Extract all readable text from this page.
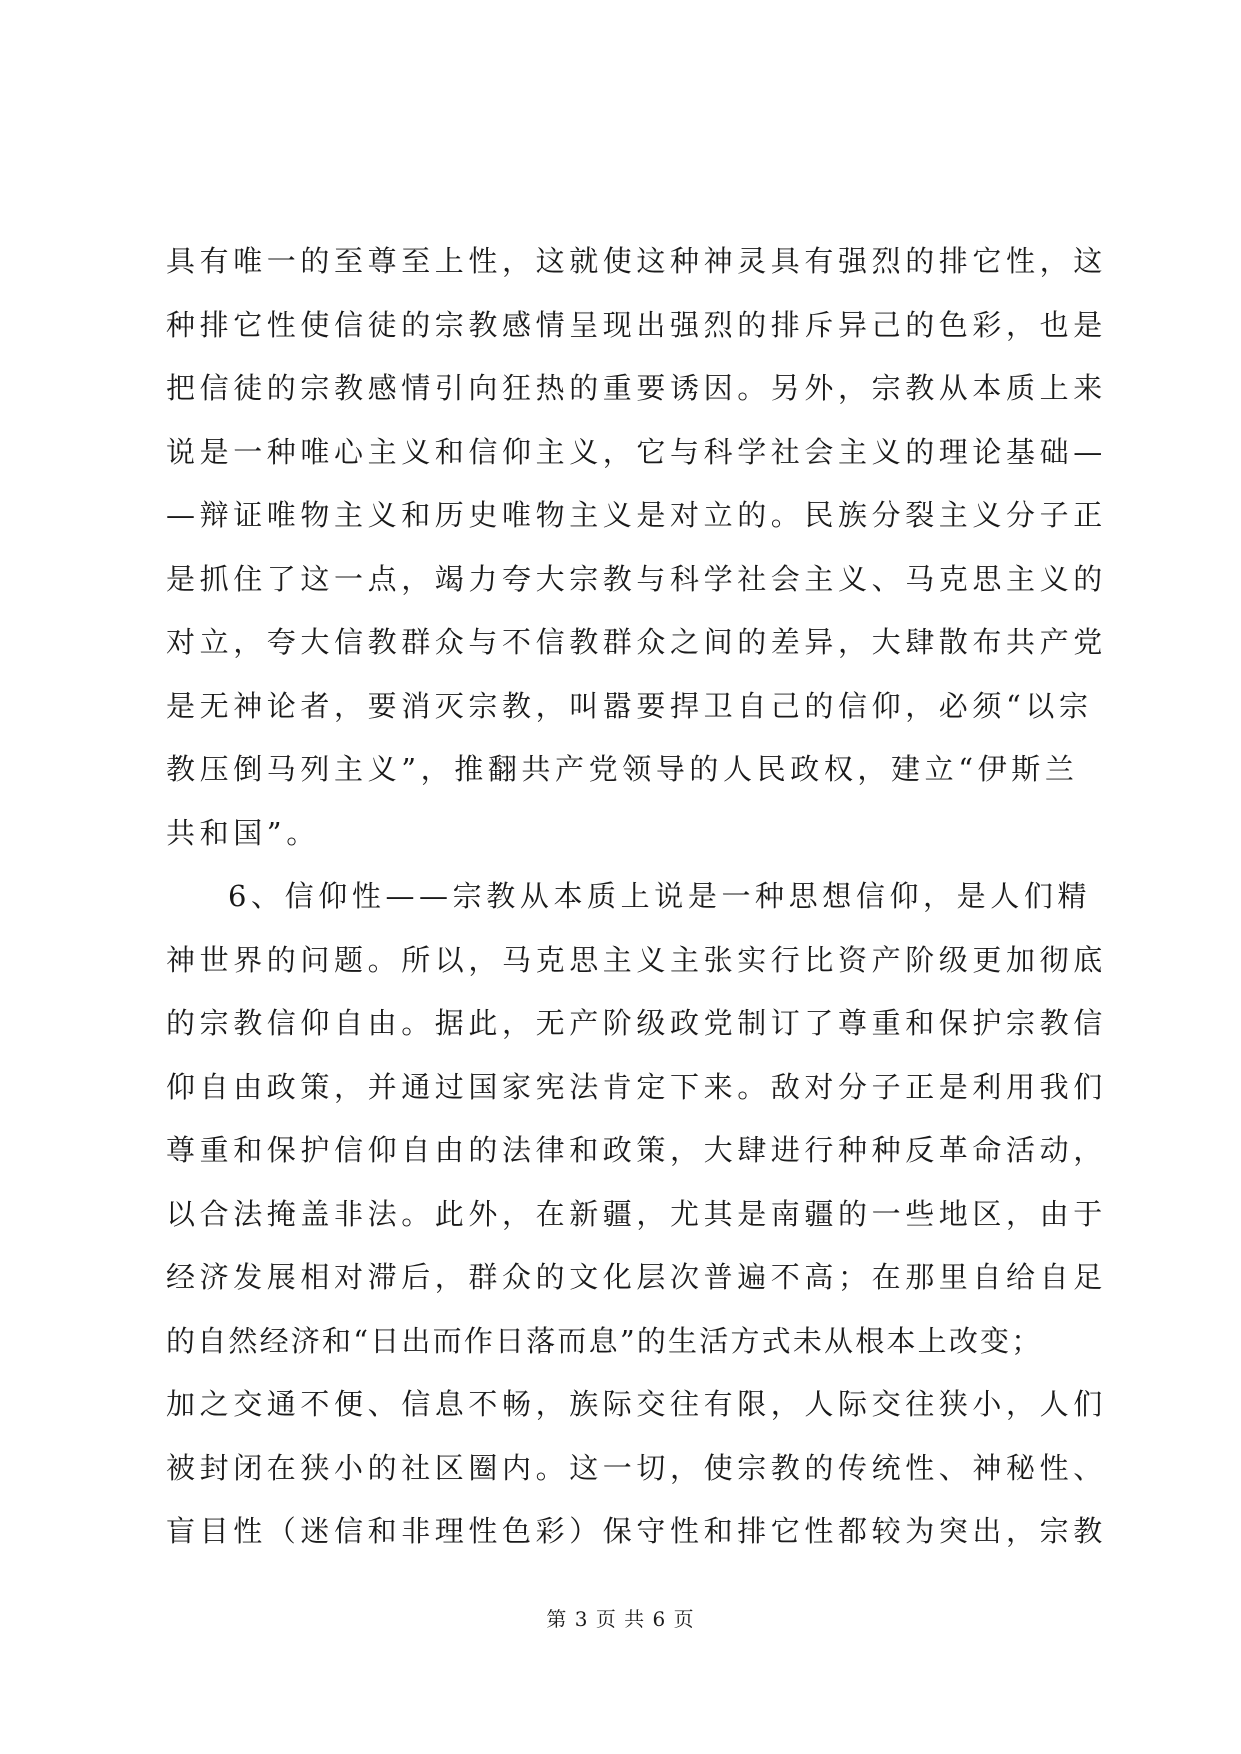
具有唯一的至尊至上性，这就使这种神灵具有强烈的排它性，这
种排它性使信徒的宗教感情呈现出强烈的排斥异己的色彩，也是
把信徒的宗教感情引向狂热的重要诱因。另外，宗教从本质上来
说是一种唯心主义和信仰主义，它与科学社会主义的理论基础—
—辩证唯物主义和历史唯物主义是对立的。民族分裂主义分子正
是抓住了这一点，竭力夸大宗教与科学社会主义、马克思主义的
对立，夸大信教群众与不信教群众之间的差异，大肆散布共产党
是无神论者，要消灭宗教，叫嚣要捍卫自己的信仰，必须“以宗
教压倒马列主义”，推翻共产党领导的人民政权，建立“伊斯兰
共和国”。
6、信仰性——宗教从本质上说是一种思想信仰，是人们精
神世界的问题。所以，马克思主义主张实行比资产阶级更加彻底
的宗教信仰自由。据此，无产阶级政党制订了尊重和保护宗教信
仰自由政策，并通过国家宪法肯定下来。敌对分子正是利用我们
尊重和保护信仰自由的法律和政策，大肆进行种种反革命活动，
以合法掩盖非法。此外，在新疆，尤其是南疆的一些地区，由于
经济发展相对滞后，群众的文化层次普遍不高；在那里自给自足
的自然经济和“日出而作日落而息”的生活方式未从根本上改变；
加之交通不便、信息不畅，族际交往有限，人际交往狭小，人们
被封闭在狭小的社区圈内。这一切，使宗教的传统性、神秘性、
盲目性（迷信和非理性色彩）保守性和排它性都较为突出，宗教
第 3 页 共 6 页
